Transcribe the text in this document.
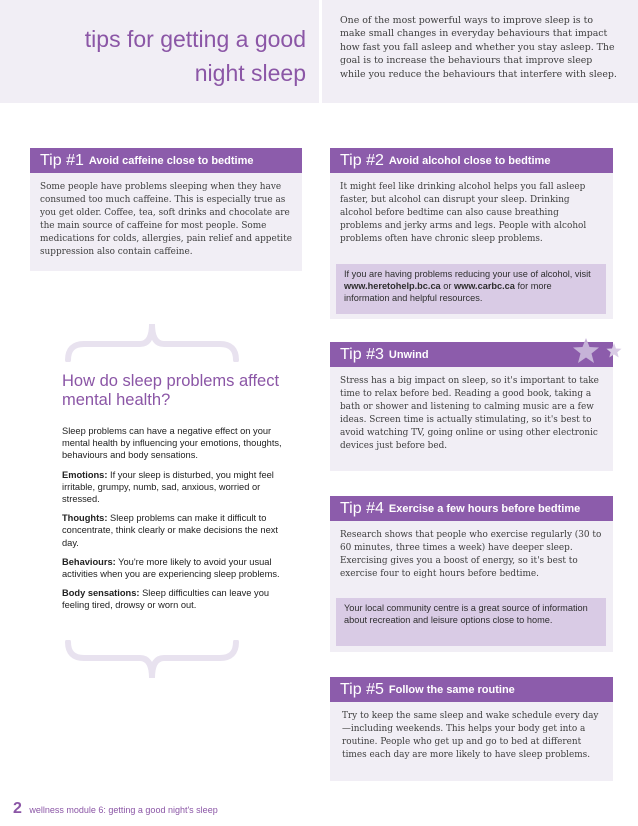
tips for getting a good
night sleep
One of the most powerful ways to improve sleep is to make small changes in everyday behaviours that impact how fast you fall asleep and whether you stay asleep. The goal is to increase the behaviours that improve sleep while you reduce the behaviours that interfere with sleep.
Tip #1 Avoid caffeine close to bedtime
Some people have problems sleeping when they have consumed too much caffeine. This is especially true as you get older. Coffee, tea, soft drinks and chocolate are the main source of caffeine for most people. Some medications for colds, allergies, pain relief and appetite suppression also contain caffeine.
Tip #2 Avoid alcohol close to bedtime
It might feel like drinking alcohol helps you fall asleep faster, but alcohol can disrupt your sleep. Drinking alcohol before bedtime can also cause breathing problems and jerky arms and legs. People with alcohol problems often have chronic sleep problems.
If you are having problems reducing your use of alcohol, visit www.heretohelp.bc.ca or www.carbc.ca for more information and helpful resources.
Tip #3 Unwind
Stress has a big impact on sleep, so it's important to take time to relax before bed. Reading a good book, taking a bath or shower and listening to calming music are a few ideas. Screen time is actually stimulating, so it's best to avoid watching TV, going online or using other electronic devices just before bed.
Tip #4 Exercise a few hours before bedtime
Research shows that people who exercise regularly (30 to 60 minutes, three times a week) have deeper sleep. Exercising gives you a boost of energy, so it's best to exercise four to eight hours before bedtime.
Your local community centre is a great source of information about recreation and leisure options close to home.
Tip #5 Follow the same routine
Try to keep the same sleep and wake schedule every day—including weekends. This helps your body get into a routine. People who get up and go to bed at different times each day are more likely to have sleep problems.
How do sleep problems affect mental health?

Sleep problems can have a negative effect on your mental health by influencing your emotions, thoughts, behaviours and body sensations.

Emotions: If your sleep is disturbed, you might feel irritable, grumpy, numb, sad, anxious, worried or stressed.

Thoughts: Sleep problems can make it difficult to concentrate, think clearly or make decisions the next day.

Behaviours: You're more likely to avoid your usual activities when you are experiencing sleep problems.

Body sensations: Sleep difficulties can leave you feeling tired, drowsy or worn out.

2 wellness module 6: getting a good night's sleep
